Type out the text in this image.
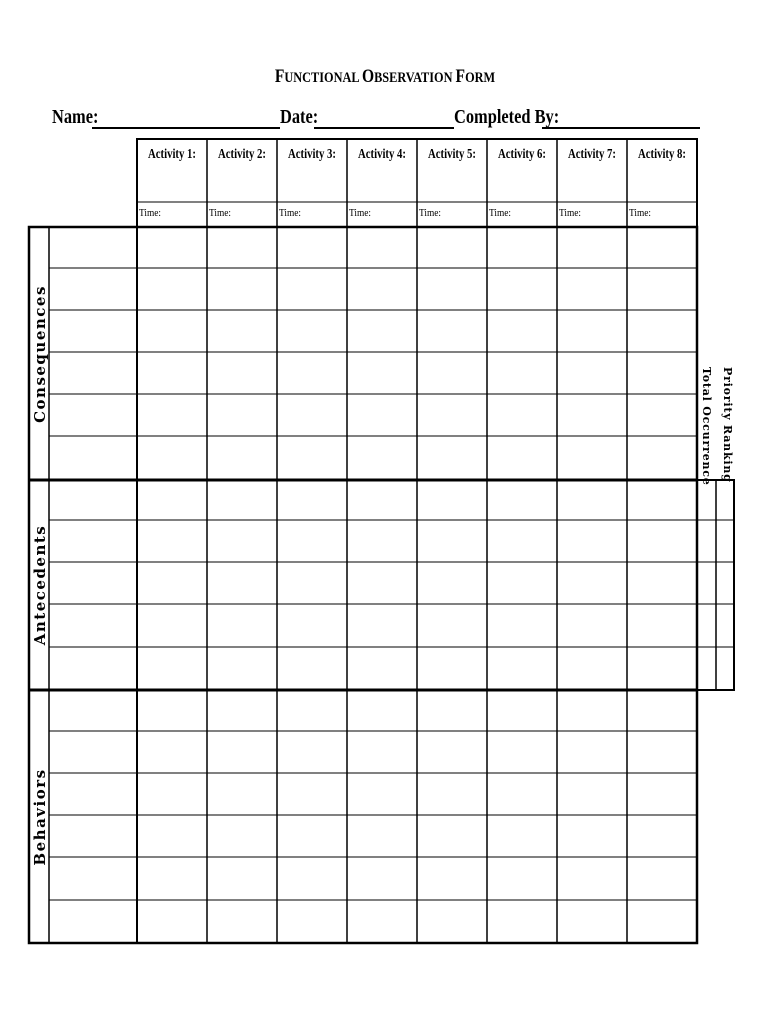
FUNCTIONAL OBSERVATION FORM
Name:	Date:	Completed By:
Activity 1: Activity 2: Activity 3: Activity 4: Activity 5: Activity 6: Activity 7: Activity 8:
Time:	Time:	Time:	Time:	Time:	Time:	Time:	Time:
Consequences
Antecedents
Behaviors
Priority Ranking
Total Occurrence
